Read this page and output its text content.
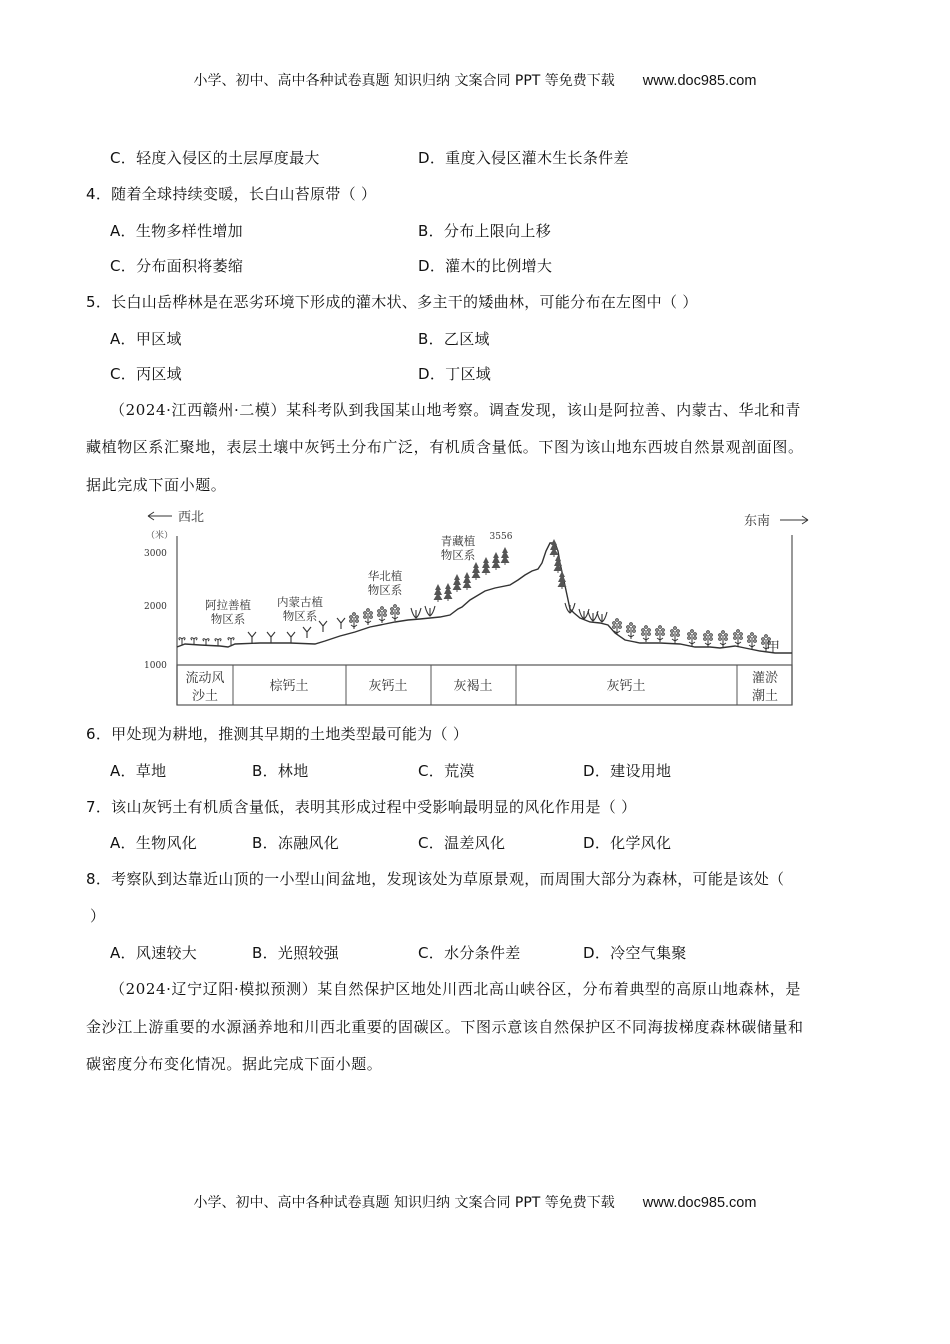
小学、初中、高中各种试卷真题 知识归纳 文案合同 PPT 等免费下载 www.doc985.com
C．轻度入侵区的土层厚度最大	D．重度入侵区灌木生长条件差
4．随着全球持续变暖，长白山苔原带（ ）
A．生物多样性增加	B．分布上限向上移
C．分布面积将萎缩	D．灌木的比例增大
5．长白山岳桦林是在恶劣环境下形成的灌木状、多主干的矮曲林，可能分布在左图中（ ）
A．甲区域	B．乙区域
C．丙区域	D．丁区域
（2024·江西赣州·二模）某科考队到我国某山地考察。调查发现，该山是阿拉善、内蒙古、华北和青
藏植物区系汇聚地，表层土壤中灰钙土分布广泛，有机质含量低。下图为该山地东西坡自然景观剖面图。
据此完成下面小题。
西北	东南
（米）
3000
2000
1000
流动风
沙土
棕钙土	灰钙土	灰褐土	灰钙土
灌淤
潮土
阿拉善植
物区系
内蒙古植
物区系
华北植
物区系
青藏植
物区系
3556
甲
6．甲处现为耕地，推测其早期的土地类型最可能为（ ）
A．草地	B．林地	C．荒漠	D．建设用地
7．该山灰钙土有机质含量低，表明其形成过程中受影响最明显的风化作用是（ ）
A．生物风化	B．冻融风化	C．温差风化	D．化学风化
8．考察队到达靠近山顶的一小型山间盆地，发现该处为草原景观，而周围大部分为森林，可能是该处（
）
A．风速较大	B．光照较强	C．水分条件差	D．冷空气集聚
（2024·辽宁辽阳·模拟预测）某自然保护区地处川西北高山峡谷区，分布着典型的高原山地森林，是
金沙江上游重要的水源涵养地和川西北重要的固碳区。下图示意该自然保护区不同海拔梯度森林碳储量和
碳密度分布变化情况。据此完成下面小题。
小学、初中、高中各种试卷真题 知识归纳 文案合同 PPT 等免费下载 www.doc985.com
